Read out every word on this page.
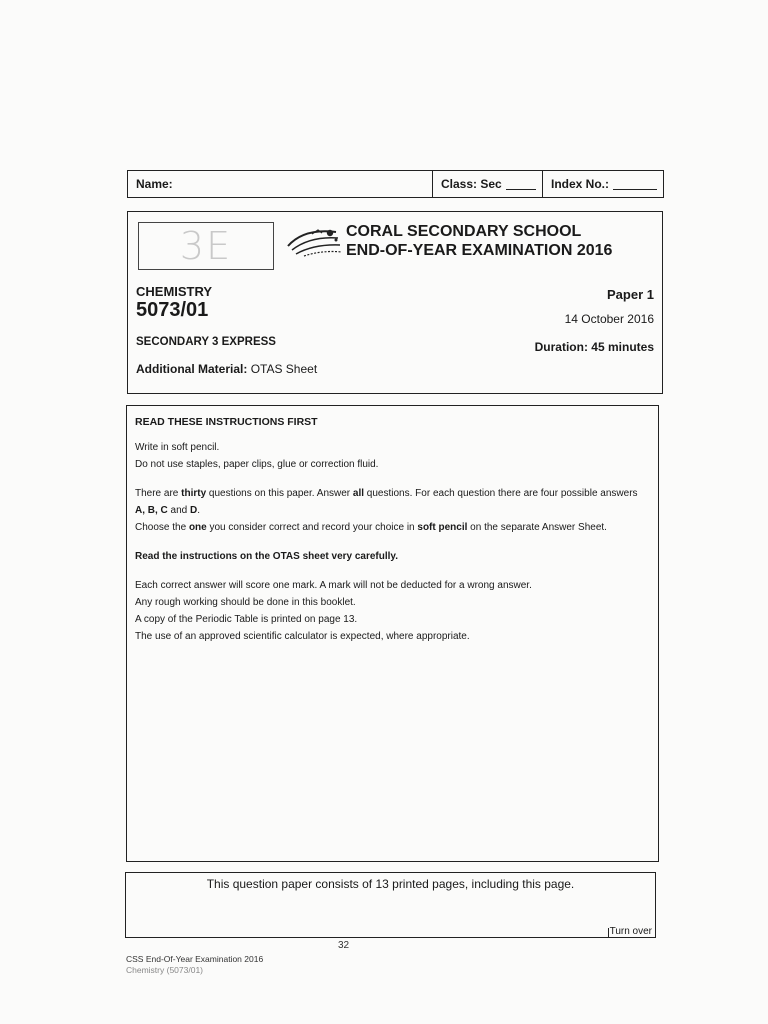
Name:	Class: Sec	Index No.:
3E	CORAL SECONDARY SCHOOL
END-OF-YEAR EXAMINATION 2016
CHEMISTRY
5073/01
Paper 1
14 October 2016
SECONDARY 3 EXPRESS	Duration: 45 minutes
Additional Material: OTAS Sheet

READ THESE INSTRUCTIONS FIRST

Write in soft pencil.

Do not use staples, paper clips, glue or correction fluid.

There are thirty questions on this paper. Answer all questions. For each question there are four possible answers A, B, C and D.

Choose the one you consider correct and record your choice in soft pencil on the separate Answer Sheet.

Read the instructions on the OTAS sheet very carefully.

Each correct answer will score one mark. A mark will not be deducted for a wrong answer.

Any rough working should be done in this booklet.

A copy of the Periodic Table is printed on page 13.

The use of an approved scientific calculator is expected, where appropriate.

This question paper consists of 13 printed pages, including this page.
Turn over
32
CSS End-Of-Year Examination 2016
Chemistry (5073/01)
